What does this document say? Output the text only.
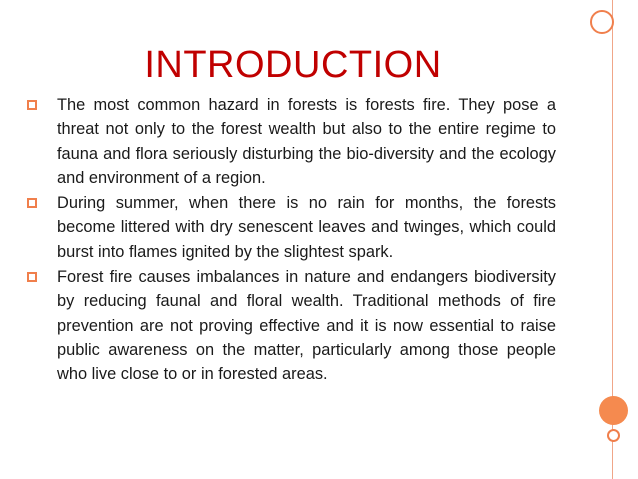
INTRODUCTION
The most common hazard in forests is forests fire. They pose a threat not only to the forest wealth but also to the entire regime to fauna and flora seriously disturbing the bio-diversity and the ecology and environment of a region.
During summer, when there is no rain for months, the forests become littered with dry senescent leaves and twinges, which could burst into flames ignited by the slightest spark.
Forest fire causes imbalances in nature and endangers biodiversity by reducing faunal and floral wealth. Traditional methods of fire prevention are not proving effective and it is now essential to raise public awareness on the matter, particularly among those people who live close to or in forested areas.
